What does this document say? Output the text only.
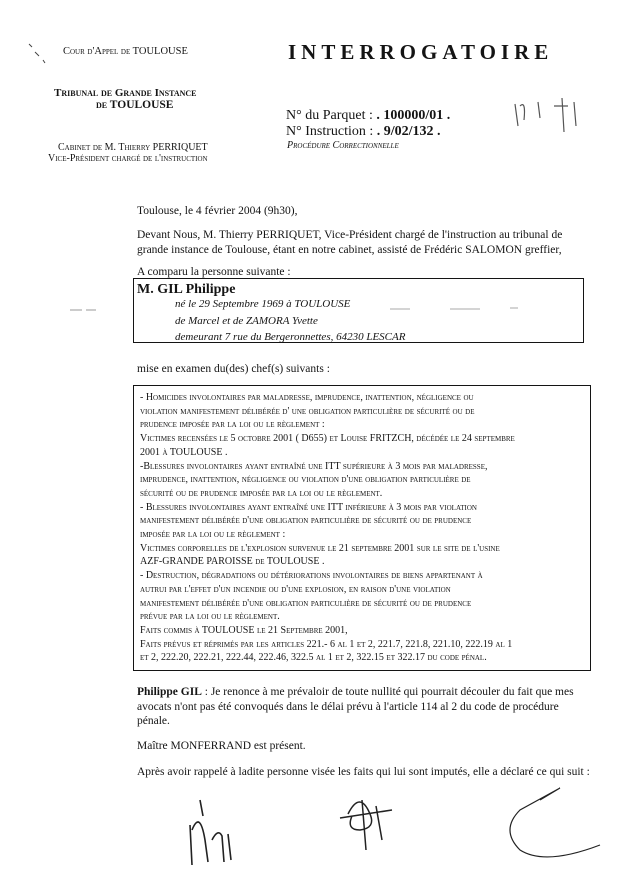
Cour d'Appel de TOULOUSE
Tribunal de Grande Instance
de TOULOUSE
Cabinet de M. Thierry PERRIQUET
Vice-Président chargé de l'instruction
INTERROGATOIRE
N° du Parquet : . 100000/01 .
N° Instruction : . 9/02/132 .
Procédure Correctionnelle
Toulouse, le 4 février 2004 (9h30),
Devant Nous, M. Thierry PERRIQUET, Vice-Président chargé de l'instruction au tribunal de grande instance de Toulouse, étant en notre cabinet, assisté de Frédéric SALOMON greffier,
A comparu la personne suivante :
M. GIL Philippe
né le 29 Septembre 1969 à TOULOUSE
de Marcel et de ZAMORA Yvette
demeurant 7 rue du Bergeronnettes, 64230 LESCAR
mise en examen du(des) chef(s) suivants :
- Homicides involontaires par maladresse, imprudence, inattention, négligence ou
violation manifestement délibérée d' une obligation particulière de sécurité ou de
prudence imposée par la loi ou le règlement :
Victimes recensées le 5 octobre 2001 ( D655) et Louise FRITZCH, décédée le 24 septembre
2001 à TOULOUSE .
-Blessures involontaires ayant entraîné une ITT supérieure à 3 mois par maladresse,
imprudence, inattention, négligence ou violation d'une obligation particulière de
sécurité ou de prudence imposée par la loi ou le règlement.
- Blessures involontaires ayant entraîné une ITT inférieure à 3 mois par violation
manifestement délibérée d'une obligation particulière de sécurité ou de prudence
imposée par la loi ou le règlement :
Victimes corporelles de l'explosion survenue le 21 septembre 2001 sur le site de l'usine
AZF-GRANDE PAROISSE de TOULOUSE .
- Destruction, dégradations ou détériorations involontaires de biens appartenant à
autrui par l'effet d'un incendie ou d'une explosion, en raison d'une violation
manifestement délibérée d'une obligation particulière de sécurité ou de prudence
prévue par la loi ou le règlement.
Faits commis à TOULOUSE le 21 Septembre 2001,
Faits prévus et réprimés par les articles 221.- 6 al 1 et 2, 221.7, 221.8, 221.10, 222.19 al 1
et 2, 222.20, 222.21, 222.44, 222.46, 322.5 al 1 et 2, 322.15 et 322.17 du code pénal.
Philippe GIL : Je renonce à me prévaloir de toute nullité qui pourrait découler du fait que mes avocats n'ont pas été convoqués dans le délai prévu à l'article 114 al 2 du code de procédure pénale.
Maître MONFERRAND est présent.
Après avoir rappelé à ladite personne visée les faits qui lui sont imputés, elle a déclaré ce qui suit :
